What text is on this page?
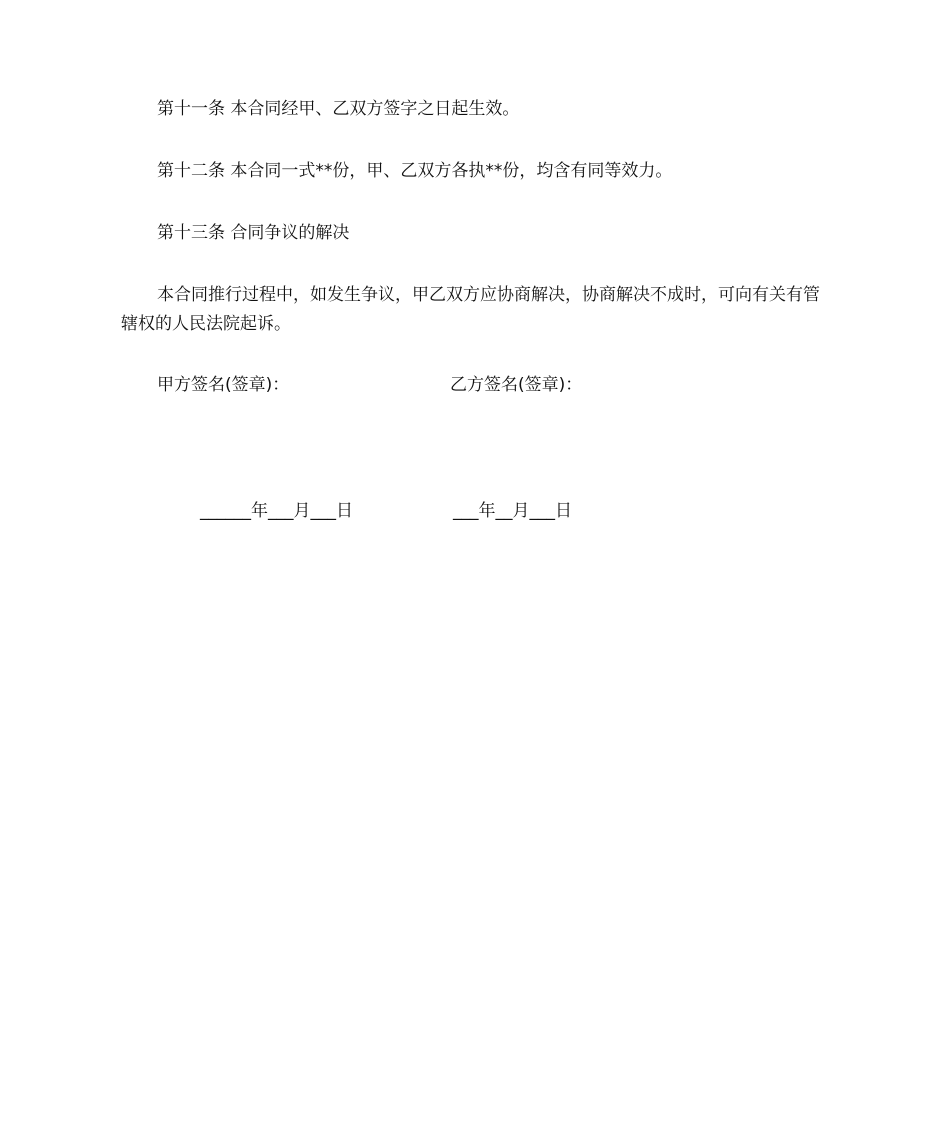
第十一条 本合同经甲、乙双方签字之日起生效。

第十二条 本合同一式**份，甲、乙双方各执**份，均含有同等效力。

第十三条 合同争议的解决

本合同推行过程中，如发生争议，甲乙双方应协商解决，协商解决不成时，可向有关有管辖权的人民法院起诉。

甲方签名(签章)：	乙方签名(签章)：
______年___月___日	___年__月___日
